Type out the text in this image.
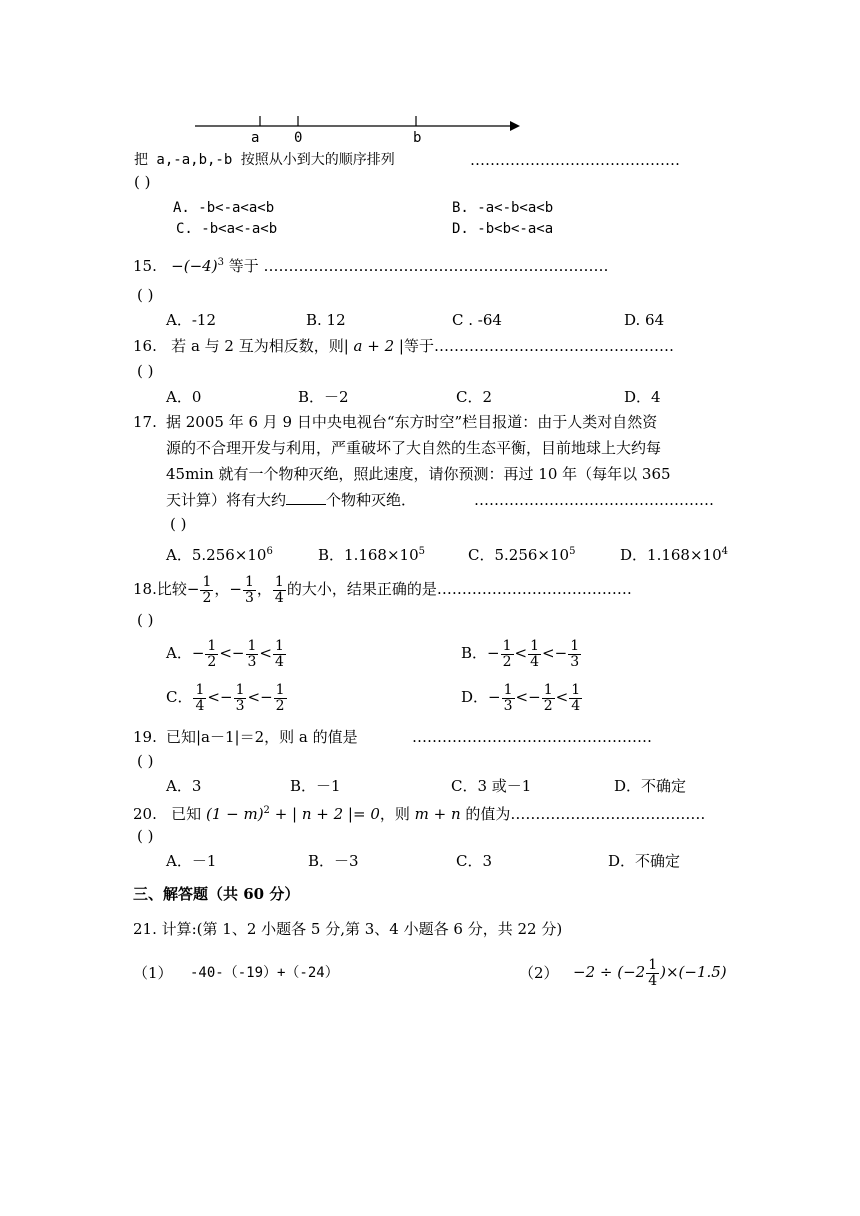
a 0	b
把 a,-a,b,-b 按照从小到大的顺序排列	……………………………………
( )
A. -b<-a<a<b	B. -a<-b<a<b
C. -b<a<-a<b	D. -b<b<-a<a
15. $-(-4)^3$ 等于 ……………………………………………………………
( )
A．-12	B. 12	C . -64	D. 64
16. 若 a 与 2 互为相反数，则| a + 2 |等于…………………………………………
( )
A．0	B．－2	C．2	D．4
17. 据 2005 年 6 月 9 日中央电视台“东方时空”栏目报道：由于人类对自然资
源的不合理开发与利用，严重破坏了大自然的生态平衡，目前地球上大约每
45min 就有一个物种灭绝，照此速度，请你预测：再过 10 年（每年以 365
天计算）将有大约	个物种灭绝．	…………………………………………
( )
A．$5.256\times 10^6$	B．$1.168\times 10^5$	C．$5.256\times 10^5$	D．$1.168\times 10^4$
18.比较− $\frac{1}{2}$ ，− $\frac{1}{3}$ ， $\frac{1}{4}$ 的大小，结果正确的是…………………………………
( )
A．− $\frac{1}{2} <- \frac{1}{3} < \frac{1}{4}$	B．− $\frac{1}{2} < \frac{1}{4} <- \frac{1}{3}$
C． $\frac{1}{4} <- \frac{1}{3} <- \frac{1}{2}$	D．− $\frac{1}{3} <- \frac{1}{2} < \frac{1}{4}$
19. 已知|a－1|＝2，则 a 的值是	…………………………………………
( )
A．3	B．－1	C．3 或－1	D．不确定
20. 已知 $(1 - m)^2$ + | n + 2 |= 0，则 m + n 的值为…………………………………
( )
A．－1	B．－3	C．3	D．不确定
三、解答题（共 60 分）
21. 计算:(第 1、2 小题各 5 分,第 3、4 小题各 6 分，共 22 分)
（1） -40-（-19）+（-24）	$(2) -2 \div (-2 \frac{1}{4} )\times(-1.5)$
